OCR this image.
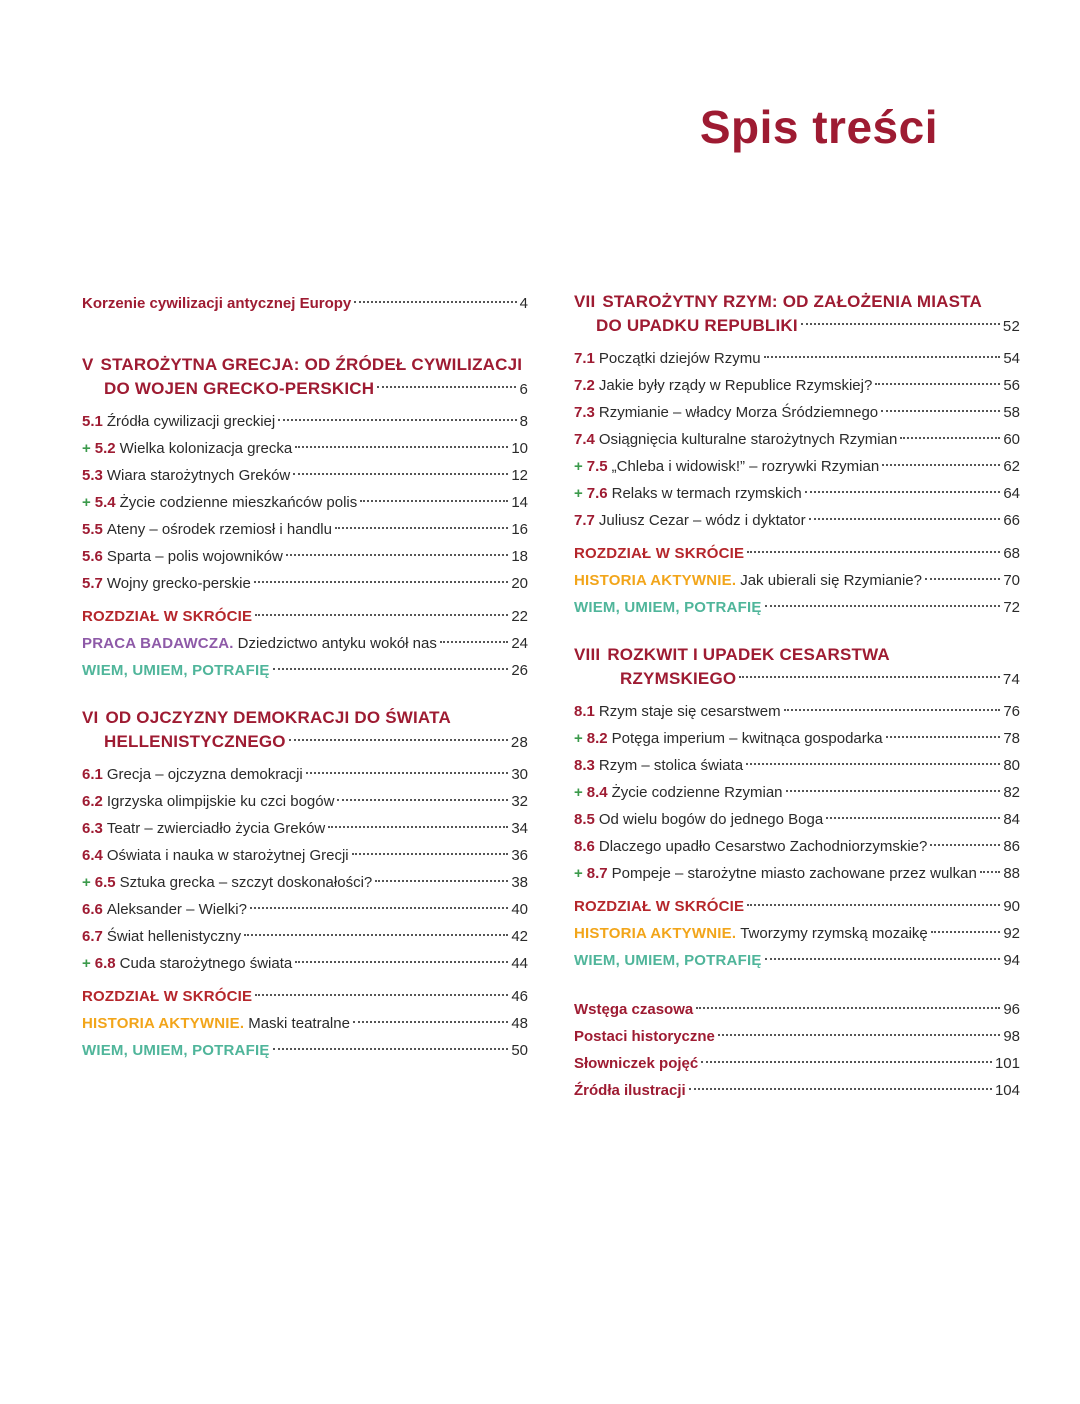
Spis treści
Korzenie cywilizacji antycznej Europy	4
V STAROŻYTNA GRECJA: OD ŹRÓDEŁ CYWILIZACJI
DO WOJEN GRECKO-PERSKICH	6
5.1 Źródła cywilizacji greckiej	8
+ 5.2 Wielka kolonizacja grecka	10
5.3 Wiara starożytnych Greków	12
+ 5.4 Życie codzienne mieszkańców polis	14
5.5 Ateny – ośrodek rzemiosł i handlu	16
5.6 Sparta – polis wojowników	18
5.7 Wojny grecko-perskie	20
ROZDZIAŁ W SKRÓCIE	22
PRACA BADAWCZA. Dziedzictwo antyku wokół nas	24
WIEM, UMIEM, POTRAFIĘ	26
VI OD OJCZYZNY DEMOKRACJI DO ŚWIATA
HELLENISTYCZNEGO	28
6.1 Grecja – ojczyzna demokracji	30
6.2 Igrzyska olimpijskie ku czci bogów	32
6.3 Teatr – zwierciadło życia Greków	34
6.4 Oświata i nauka w starożytnej Grecji	36
+ 6.5 Sztuka grecka – szczyt doskonałości?	38
6.6 Aleksander – Wielki?	40
6.7 Świat hellenistyczny	42
+ 6.8 Cuda starożytnego świata	44
ROZDZIAŁ W SKRÓCIE	46
HISTORIA AKTYWNIE. Maski teatralne	48
WIEM, UMIEM, POTRAFIĘ	50
VII STAROŻYTNY RZYM: OD ZAŁOŻENIA MIASTA
DO UPADKU REPUBLIKI	52
7.1 Początki dziejów Rzymu	54
7.2 Jakie były rządy w Republice Rzymskiej?	56
7.3 Rzymianie – władcy Morza Śródziemnego	58
7.4 Osiągnięcia kulturalne starożytnych Rzymian	60
+ 7.5 „Chleba i widowisk!” – rozrywki Rzymian	62
+ 7.6 Relaks w termach rzymskich	64
7.7 Juliusz Cezar – wódz i dyktator	66
ROZDZIAŁ W SKRÓCIE	68
HISTORIA AKTYWNIE. Jak ubierali się Rzymianie?	70
WIEM, UMIEM, POTRAFIĘ	72
VIII ROZKWIT I UPADEK CESARSTWA
RZYMSKIEGO	74
8.1 Rzym staje się cesarstwem	76
+ 8.2 Potęga imperium – kwitnąca gospodarka	78
8.3 Rzym – stolica świata	80
+ 8.4 Życie codzienne Rzymian	82
8.5 Od wielu bogów do jednego Boga	84
8.6 Dlaczego upadło Cesarstwo Zachodniorzymskie?	86
+ 8.7 Pompeje – starożytne miasto zachowane przez wulkan 88
ROZDZIAŁ W SKRÓCIE	90
HISTORIA AKTYWNIE. Tworzymy rzymską mozaikę	92
WIEM, UMIEM, POTRAFIĘ	94
Wstęga czasowa	96
Postaci historyczne	98
Słowniczek pojęć	101
Źródła ilustracji	104
